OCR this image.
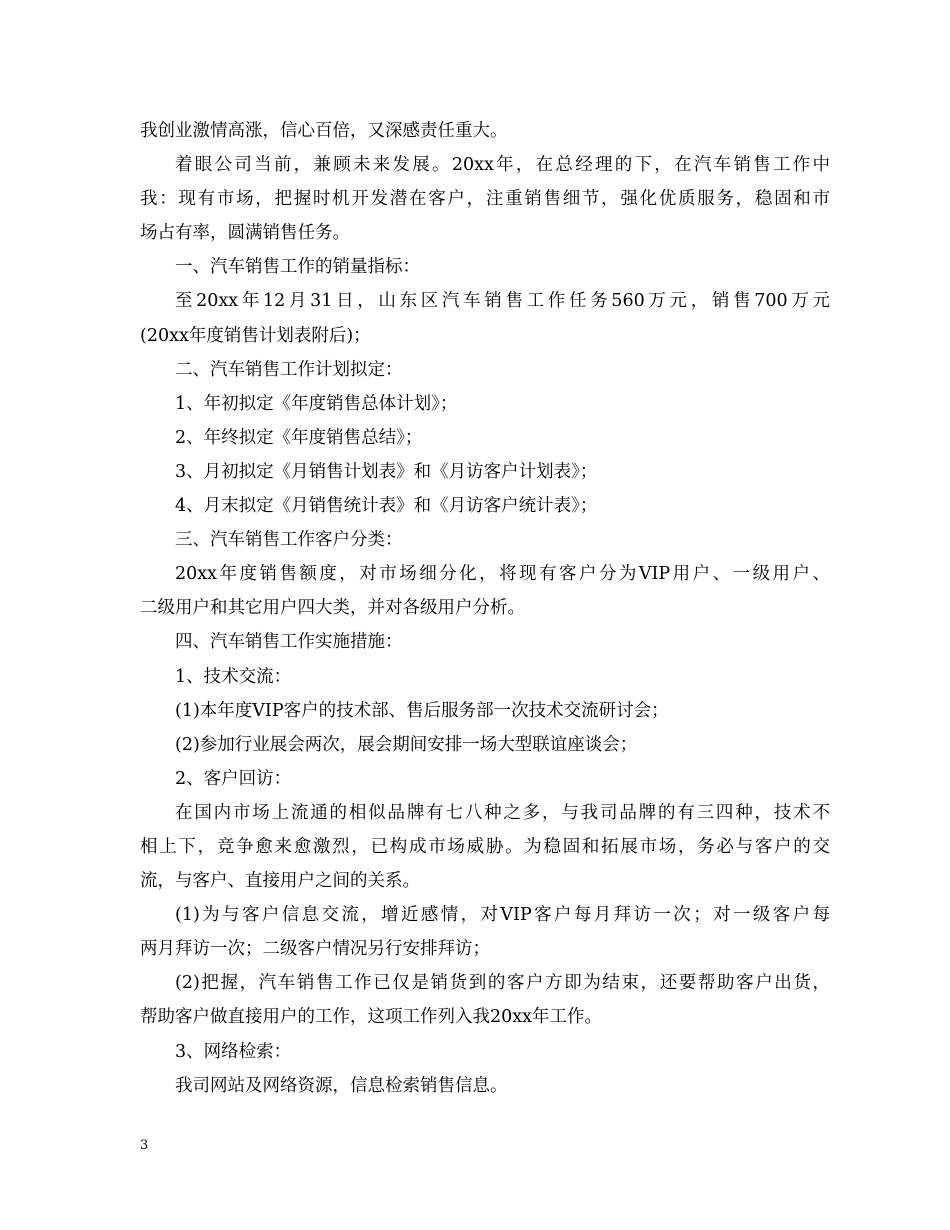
我创业激情高涨，信心百倍，又深感责任重大。
着眼公司当前，兼顾未来发展。20xx年，在总经理的下，在汽车销售工作中
我：现有市场，把握时机开发潜在客户，注重销售细节，强化优质服务，稳固和市
场占有率，圆满销售任务。
一、汽车销售工作的销量指标：
至20xx年12月31日，山东区汽车销售工作任务560万元，销售700万元
(20xx年度销售计划表附后)；
二、汽车销售工作计划拟定：
1、年初拟定《年度销售总体计划》；
2、年终拟定《年度销售总结》；
3、月初拟定《月销售计划表》和《月访客户计划表》；
4、月末拟定《月销售统计表》和《月访客户统计表》；
三、汽车销售工作客户分类：
20xx年度销售额度，对市场细分化，将现有客户分为VIP用户、一级用户、
二级用户和其它用户四大类，并对各级用户分析。
四、汽车销售工作实施措施：
1、技术交流：
(1)本年度VIP客户的技术部、售后服务部一次技术交流研讨会；
(2)参加行业展会两次，展会期间安排一场大型联谊座谈会；
2、客户回访：
在国内市场上流通的相似品牌有七八种之多，与我司品牌的有三四种，技术不
相上下，竞争愈来愈激烈，已构成市场威胁。为稳固和拓展市场，务必与客户的交
流，与客户、直接用户之间的关系。
(1)为与客户信息交流，增近感情，对VIP客户每月拜访一次；对一级客户每
两月拜访一次；二级客户情况另行安排拜访；
(2)把握，汽车销售工作已仅是销货到的客户方即为结束，还要帮助客户出货，
帮助客户做直接用户的工作，这项工作列入我20xx年工作。
3、网络检索：
我司网站及网络资源，信息检索销售信息。
3
